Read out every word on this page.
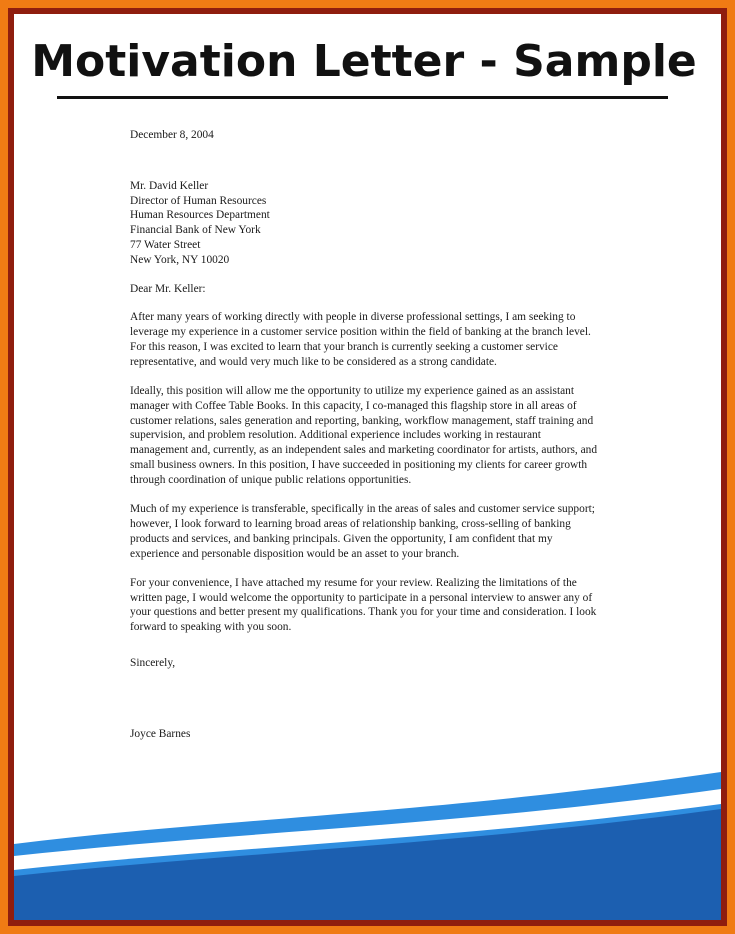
Motivation Letter - Sample

December 8, 2004

Mr. David Keller
Director of Human Resources
Human Resources Department
Financial Bank of New York
77 Water Street
New York, NY 10020

Dear Mr. Keller:

After many years of working directly with people in diverse professional settings, I am seeking to leverage my experience in a customer service position within the field of banking at the branch level. For this reason, I was excited to learn that your branch is currently seeking a customer service representative, and would very much like to be considered as a strong candidate.

Ideally, this position will allow me the opportunity to utilize my experience gained as an assistant manager with Coffee Table Books. In this capacity, I co-managed this flagship store in all areas of customer relations, sales generation and reporting, banking, workflow management, staff training and supervision, and problem resolution. Additional experience includes working in restaurant management and, currently, as an independent sales and marketing coordinator for artists, authors, and small business owners. In this position, I have succeeded in positioning my clients for career growth through coordination of unique public relations opportunities.

Much of my experience is transferable, specifically in the areas of sales and customer service support; however, I look forward to learning broad areas of relationship banking, cross-selling of banking products and services, and banking principals. Given the opportunity, I am confident that my experience and personable disposition would be an asset to your branch.

For your convenience, I have attached my resume for your review. Realizing the limitations of the written page, I would welcome the opportunity to participate in a personal interview to answer any of your questions and better present my qualifications. Thank you for your time and consideration. I look forward to speaking with you soon.

Sincerely,

Joyce Barnes
